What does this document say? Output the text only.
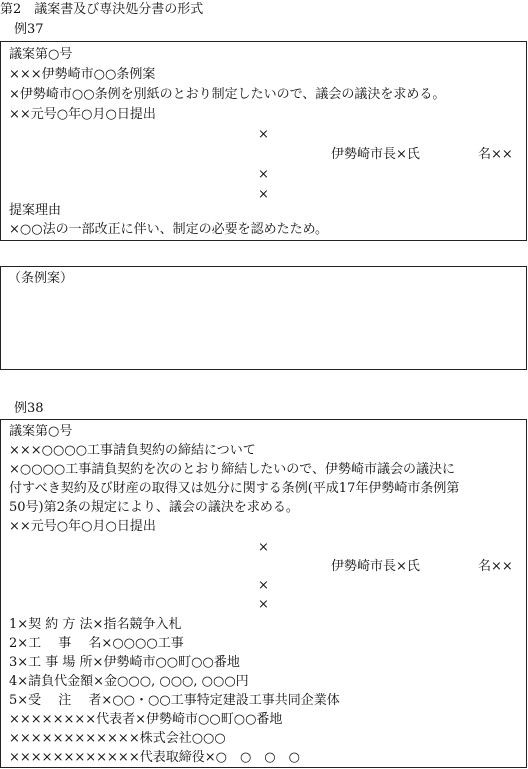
第2　議案書及び専決処分書の形式
例37
議案第○号
×××伊勢崎市○○条例案
×伊勢崎市○○条例を別紙のとおり制定したいので、議会の議決を求める。
××元号○年○月○日提出
×
伊勢崎市長×氏	名××
×
×
提案理由
×○○法の一部改正に伴い、制定の必要を認めたため。
（条例案）
例38
議案第○号
×××○○○○工事請負契約の締結について
×○○○○工事請負契約を次のとおり締結したいので、伊勢崎市議会の議決に
付すべき契約及び財産の取得又は処分に関する条例(平成17年伊勢崎市条例第
50号)第2条の規定により、議会の議決を求める。
××元号○年○月○日提出
×
伊勢崎市長×氏	名××
×
×
1×契 約 方 法×指名競争入札
2×工　 事　 名×○○○○工事
3×工 事 場 所×伊勢崎市○○町○○番地
4×請負代金額×金○○○, ○○○, ○○○円
5×受　 注　 者×○○・○○工事特定建設工事共同企業体
××××××××代表者×伊勢崎市○○町○○番地
××××××××××××株式会社○○○
××××××××××××代表取締役×○　○　○　○
